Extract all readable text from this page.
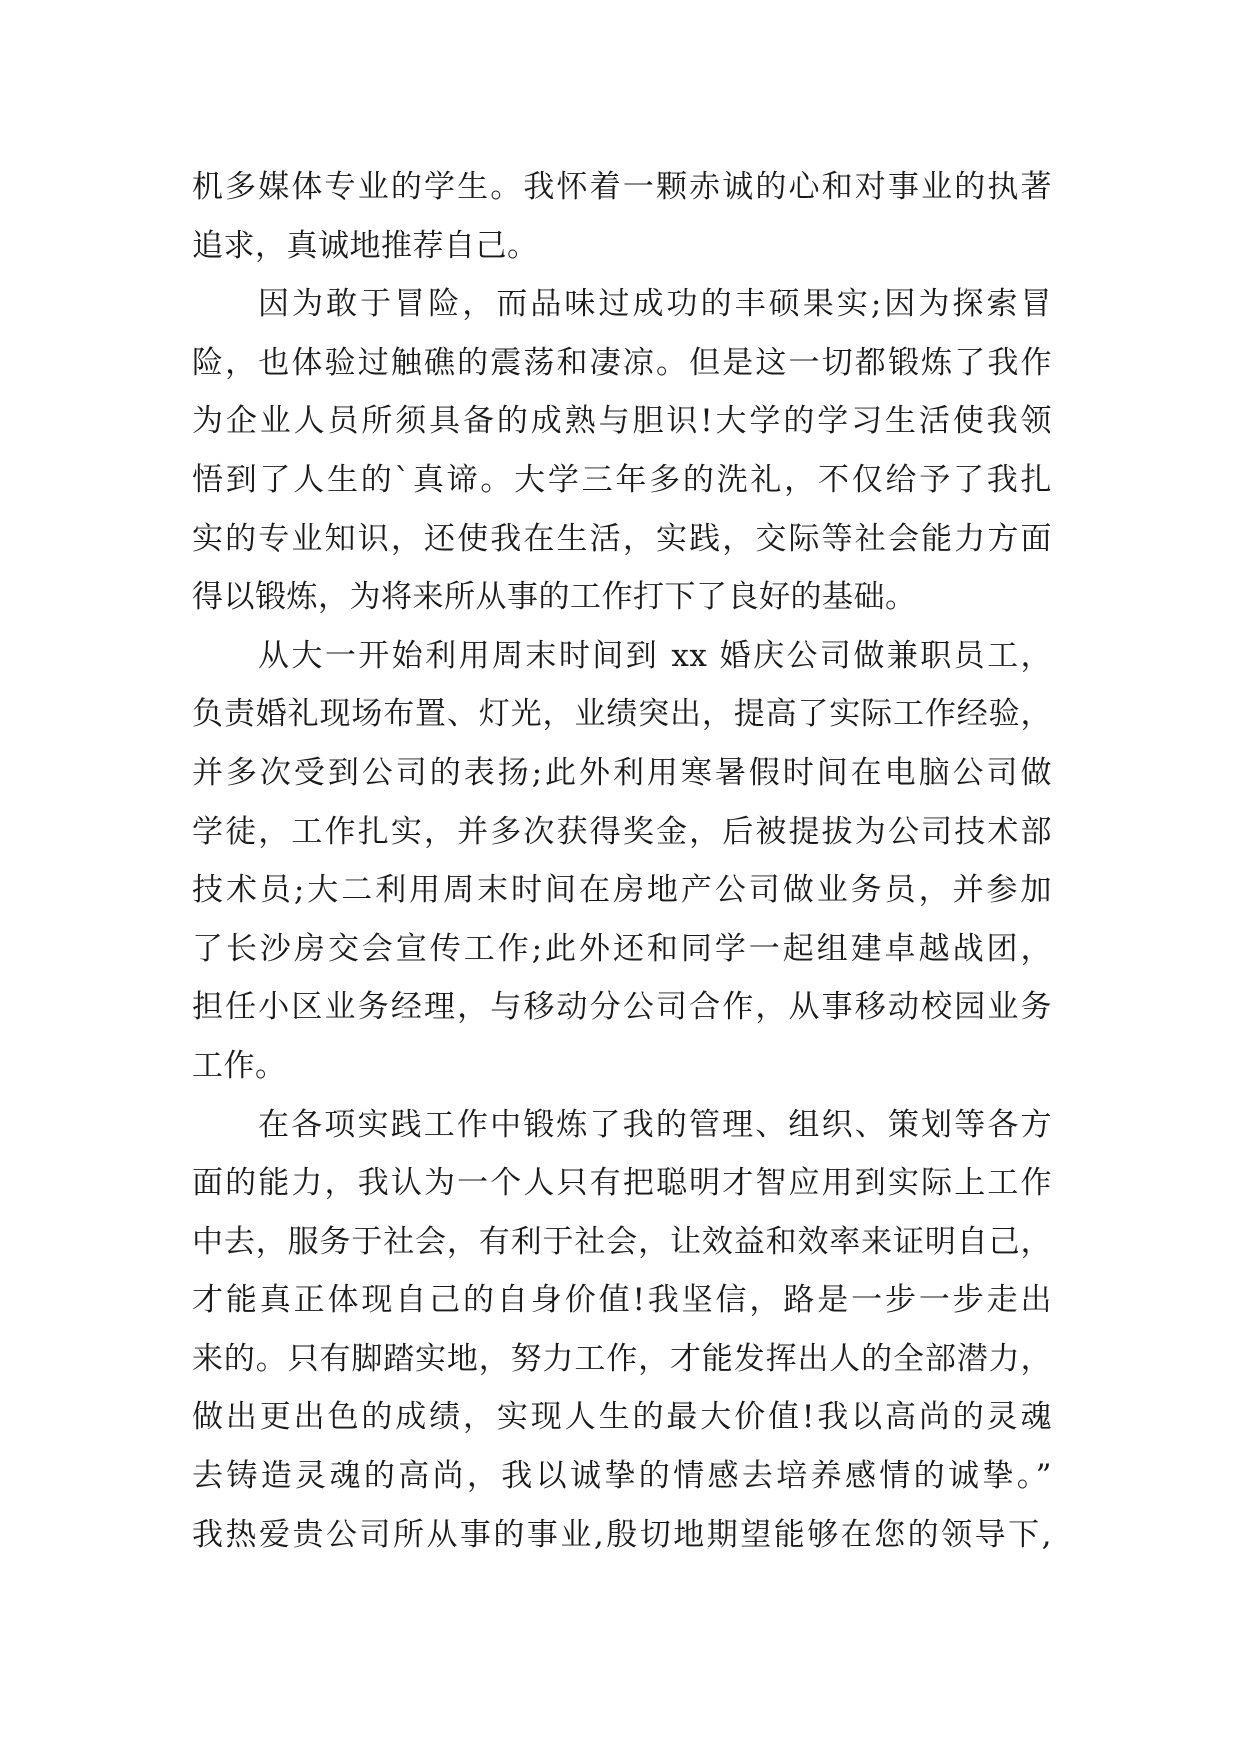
机多媒体专业的学生。我怀着一颗赤诚的心和对事业的执著
追求，真诚地推荐自己。
因为敢于冒险，而品味过成功的丰硕果实;因为探索冒
险，也体验过触礁的震荡和凄凉。但是这一切都锻炼了我作
为企业人员所须具备的成熟与胆识!大学的学习生活使我领
悟到了人生的`真谛。大学三年多的洗礼，不仅给予了我扎
实的专业知识，还使我在生活，实践，交际等社会能力方面
得以锻炼，为将来所从事的工作打下了良好的基础。
从大一开始利用周末时间到 xx 婚庆公司做兼职员工，
负责婚礼现场布置、灯光，业绩突出，提高了实际工作经验，
并多次受到公司的表扬;此外利用寒暑假时间在电脑公司做
学徒，工作扎实，并多次获得奖金，后被提拔为公司技术部
技术员;大二利用周末时间在房地产公司做业务员，并参加
了长沙房交会宣传工作;此外还和同学一起组建卓越战团，
担任小区业务经理，与移动分公司合作，从事移动校园业务
工作。
在各项实践工作中锻炼了我的管理、组织、策划等各方
面的能力，我认为一个人只有把聪明才智应用到实际上工作
中去，服务于社会，有利于社会，让效益和效率来证明自己，
才能真正体现自己的自身价值!我坚信，路是一步一步走出
来的。只有脚踏实地，努力工作，才能发挥出人的全部潜力，
做出更出色的成绩，实现人生的最大价值!我以高尚的灵魂
去铸造灵魂的高尚，我以诚挚的情感去培养感情的诚挚。”
我热爱贵公司所从事的事业,殷切地期望能够在您的领导下,
